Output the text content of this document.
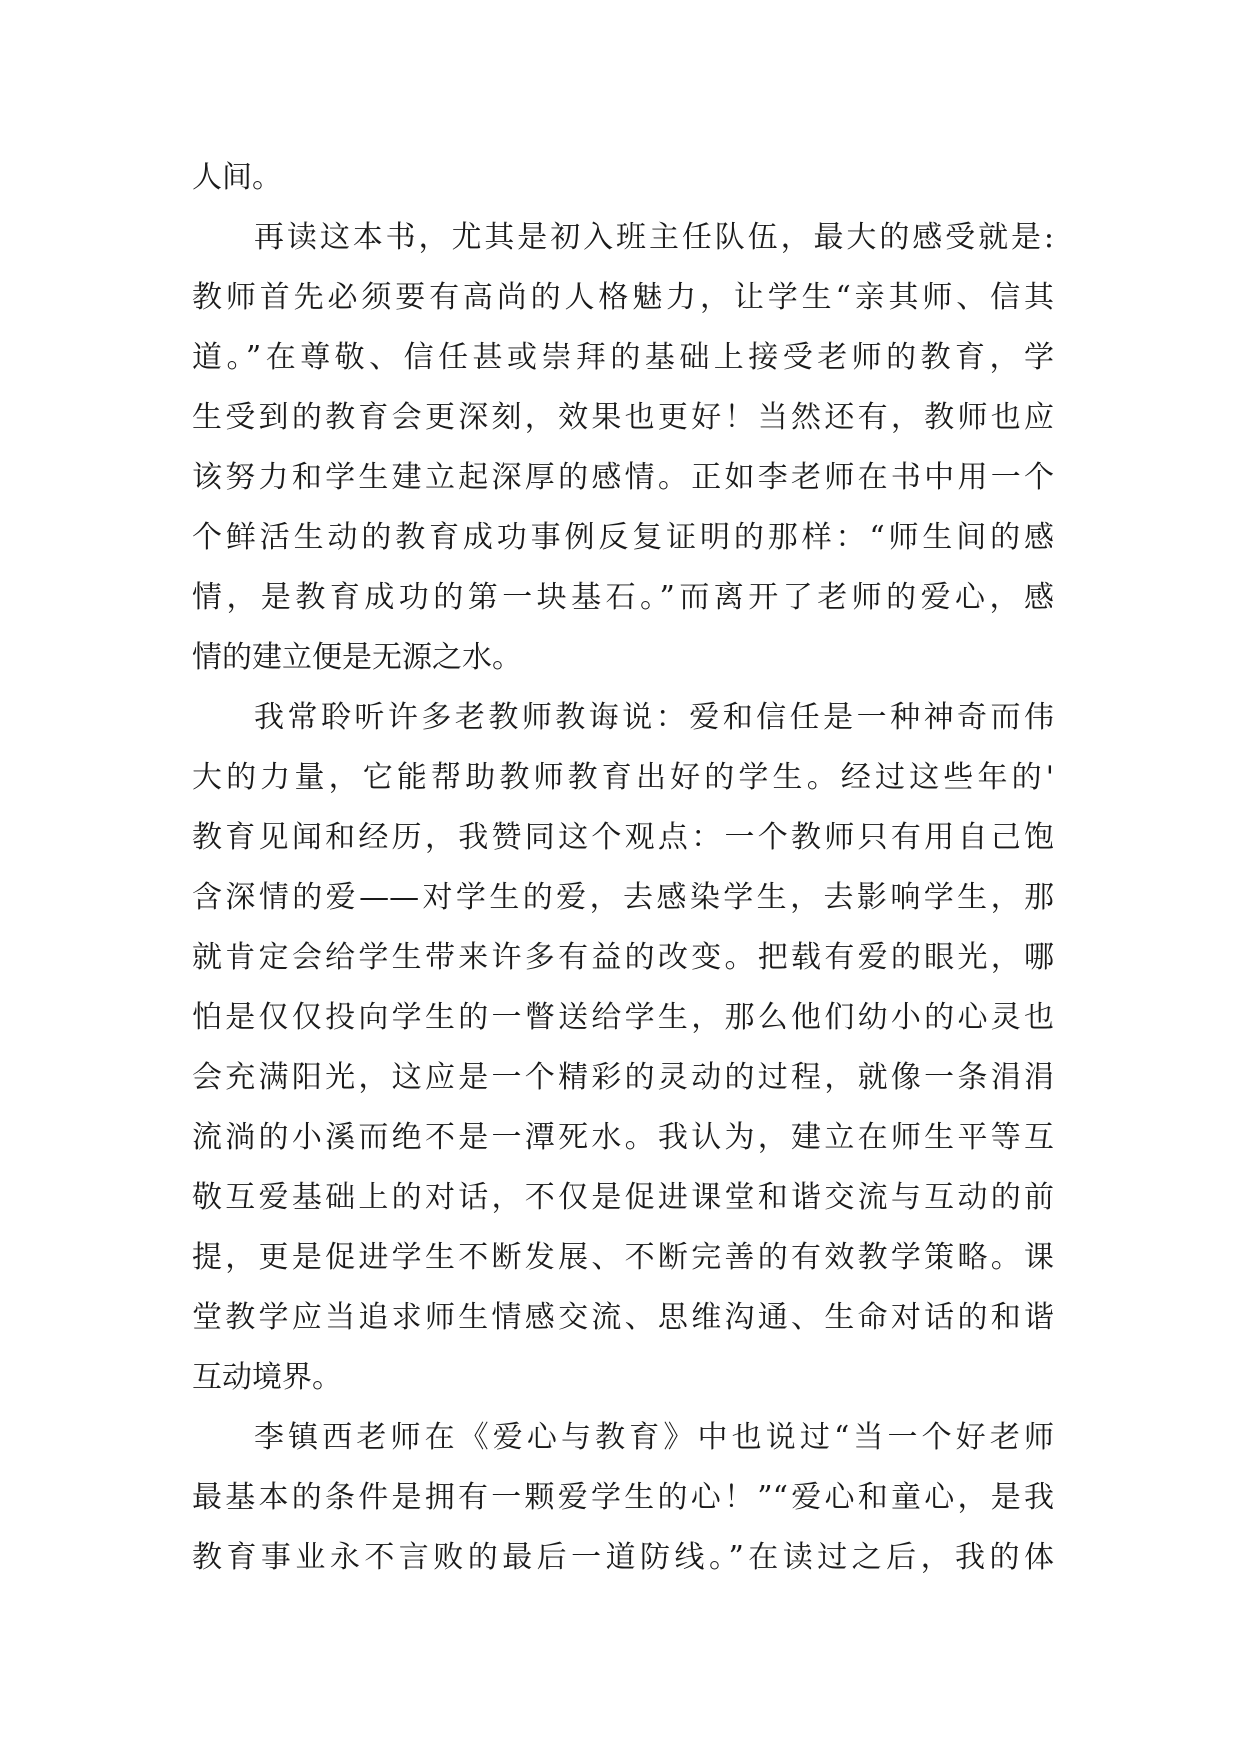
人间。
再读这本书，尤其是初入班主任队伍，最大的感受就是:
教师首先必须要有高尚的人格魅力，让学生“亲其师、信其
道。”在尊敬、信任甚或崇拜的基础上接受老师的教育，学
生受到的教育会更深刻，效果也更好！当然还有，教师也应
该努力和学生建立起深厚的感情。正如李老师在书中用一个
个鲜活生动的教育成功事例反复证明的那样：“师生间的感
情，是教育成功的第一块基石。”而离开了老师的爱心，感
情的建立便是无源之水。
我常聆听许多老教师教诲说：爱和信任是一种神奇而伟
大的力量，它能帮助教师教育出好的学生。经过这些年的'
教育见闻和经历，我赞同这个观点：一个教师只有用自己饱
含深情的爱——对学生的爱，去感染学生，去影响学生，那
就肯定会给学生带来许多有益的改变。把载有爱的眼光，哪
怕是仅仅投向学生的一瞥送给学生，那么他们幼小的心灵也
会充满阳光，这应是一个精彩的灵动的过程，就像一条涓涓
流淌的小溪而绝不是一潭死水。我认为，建立在师生平等互
敬互爱基础上的对话，不仅是促进课堂和谐交流与互动的前
提，更是促进学生不断发展、不断完善的有效教学策略。课
堂教学应当追求师生情感交流、思维沟通、生命对话的和谐
互动境界。
李镇西老师在《爱心与教育》中也说过“当一个好老师
最基本的条件是拥有一颗爱学生的心！”“爱心和童心，是我
教育事业永不言败的最后一道防线。”在读过之后，我的体
